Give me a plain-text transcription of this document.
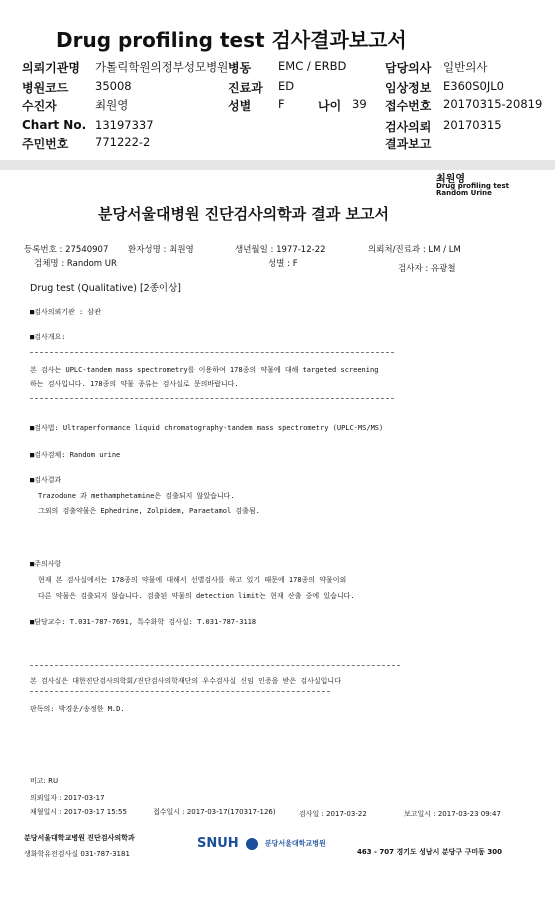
Drug profiling test 검사결과보고서
의뢰기관명 가톨릭학원의정부성모병원 병동 EMC / ERBD	담당의사 일반의사
병원코드 35008	진료과 ED	임상정보 E360S0JL0
수진자	최원영	성별 F	나이 39 접수번호 20170315-20819
Chart No. 13197337	검사의뢰 20170315
주민번호 771222-2	결과보고
최원영
Drug profiling test
Random Urine
분당서울대병원 진단검사의학과 결과 보고서
등록번호 : 27540907 환자성명 : 최원영	생년월일 : 1977-12-22	의뢰처/진료과 : LM / LM
검체명 : Random UR	성별 : F	검사자 : 유광철
Drug test (Qualitative) [2종이상]
■검사의뢰기관 : 삼관
■검사개요:
본 검사는 UPLC-tandem mass spectrometry를 이용하여 178종의 약물에 대해 targeted screening
하는 검사입니다. 178종의 약물 종류는 검사실로 문의바랍니다.
■검사법: Ultraperformance liquid chromatography-tandem mass spectrometry (UPLC-MS/MS)
■검사검체: Random urine
■검사결과
Trazodone 과 methamphetamine은 검출되지 않았습니다.
그외의 검출약물은 Ephedrine, Zolpidem, Paraetamol 검출됨.
■주의사항
현재 본 검사실에서는 178종의 약물에 대해서 선별검사를 하고 있기 때문에 178종의 약물이외
다른 약물은 검출되지 않습니다. 검출된 약물의 detection limit는 현재 산출 중에 있습니다.
■담당교수: T.031-787-7691, 특수화학 검사실: T.031-787-3118
본 검사실은 대한진단검사의학회/진단검사의학재단의 우수검사실 신임 인증을 받은 검사실입니다
판독의: 박경운/송정한 M.D.
비고: RU
의뢰일자 : 2017-03-17
채혈일시 : 2017-03-17 15:55	접수일시 : 2017-03-17(170317-126)	검사일 : 2017-03-22	보고일시 : 2017-03-23 09:47
분당서울대학교병원 진단검사의학과
생화학유전검사실 031-787-3181
SNUH	분당서울대학교병원
463 - 707 경기도 성남시 분당구 구미동 300
